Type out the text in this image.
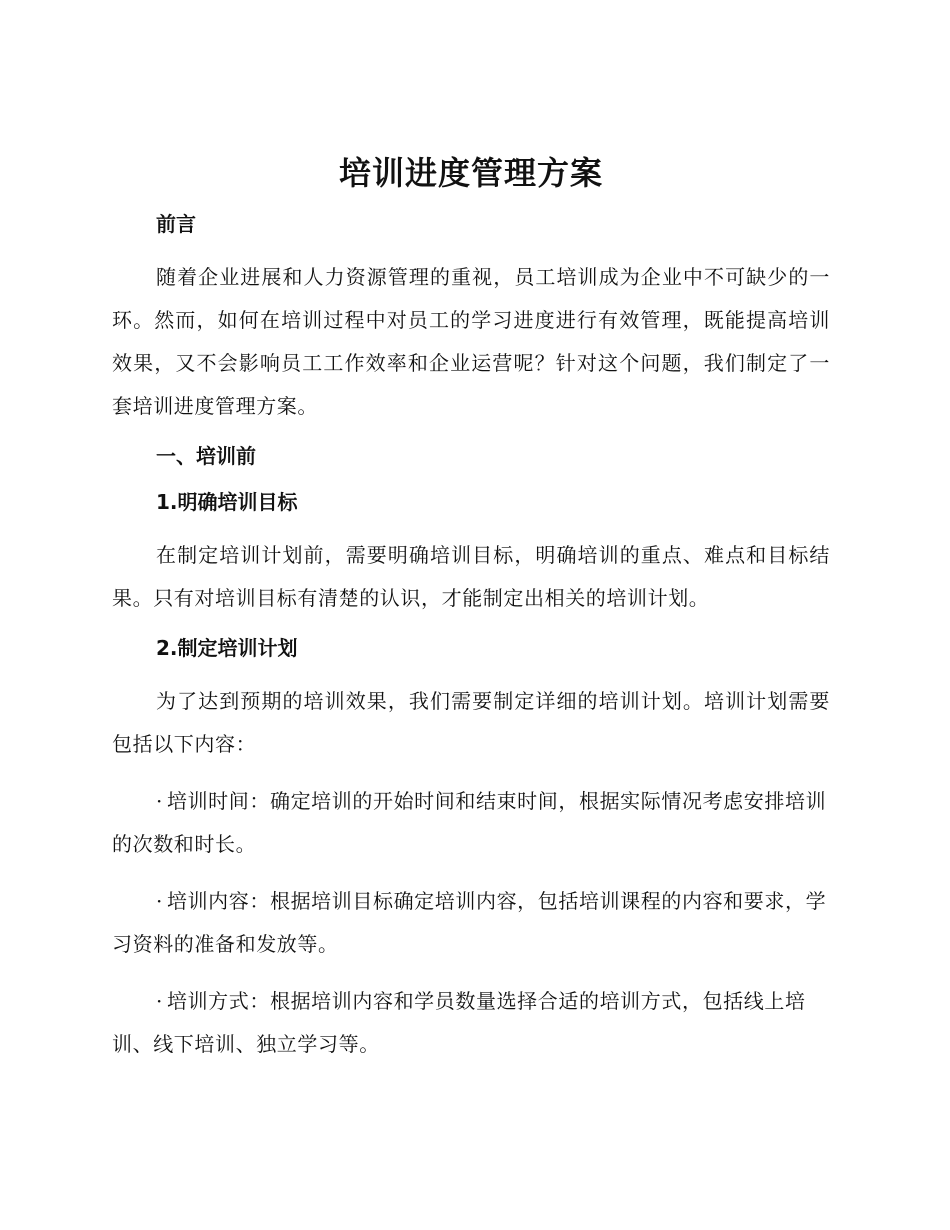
培训进度管理方案
前言

随着企业进展和人力资源管理的重视，员工培训成为企业中不可缺少的一环。然而，如何在培训过程中对员工的学习进度进行有效管理，既能提高培训效果，又不会影响员工工作效率和企业运营呢？针对这个问题，我们制定了一套培训进度管理方案。

一、培训前
1.明确培训目标

在制定培训计划前，需要明确培训目标，明确培训的重点、难点和目标结果。只有对培训目标有清楚的认识，才能制定出相关的培训计划。

2.制定培训计划

为了达到预期的培训效果，我们需要制定详细的培训计划。培训计划需要包括以下内容：

· 培训时间：确定培训的开始时间和结束时间，根据实际情况考虑安排培训的次数和时长。

· 培训内容：根据培训目标确定培训内容，包括培训课程的内容和要求，学习资料的准备和发放等。

· 培训方式：根据培训内容和学员数量选择合适的培训方式，包括线上培训、线下培训、独立学习等。
